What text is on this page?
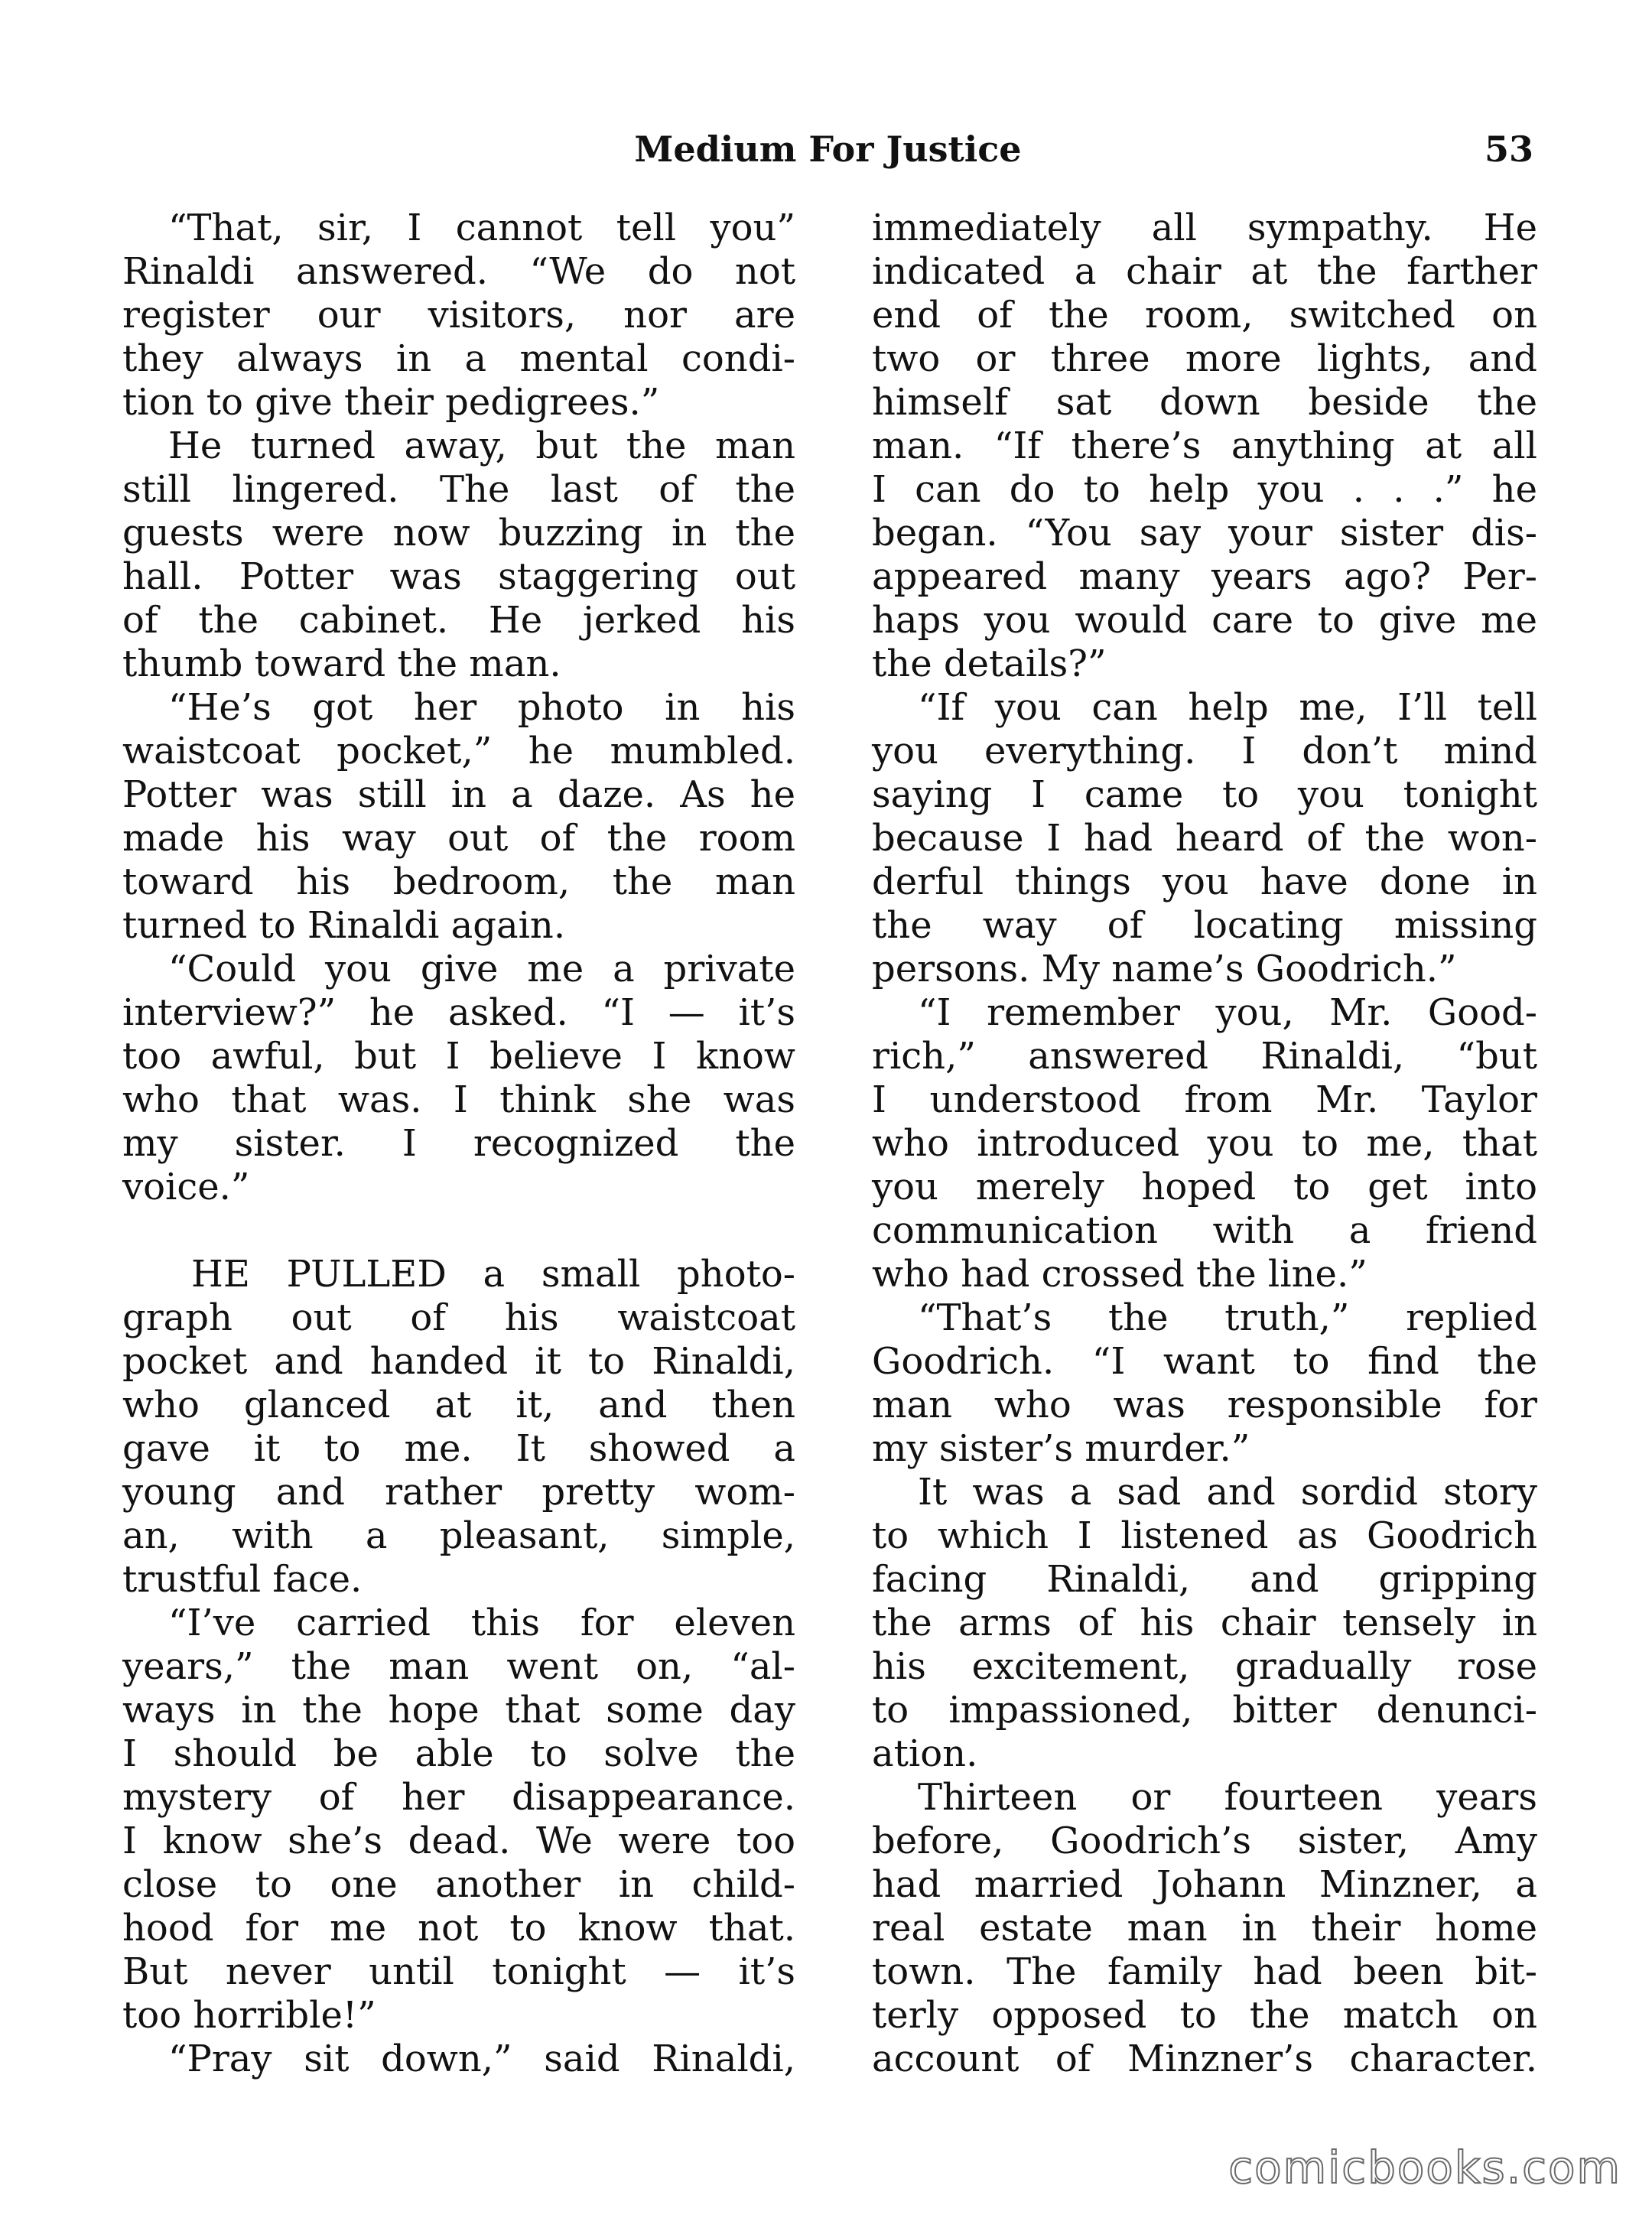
Medium For Justice	53
“That, sir, I cannot tell you”
Rinaldi answered. “We do not
register our visitors, nor are
they always in a mental condi-
tion to give their pedigrees.”
He turned away, but the man
still lingered. The last of the
guests were now buzzing in the
hall. Potter was staggering out
of the cabinet. He jerked his
thumb toward the man.
“He’s got her photo in his
waistcoat pocket,” he mumbled.
Potter was still in a daze. As he
made his way out of the room
toward his bedroom, the man
turned to Rinaldi again.
“Could you give me a private
interview?” he asked. “I — it’s
too awful, but I believe I know
who that was. I think she was
my sister. I recognized the
voice.”
HE PULLED a small photo-
graph out of his waistcoat
pocket and handed it to Rinaldi,
who glanced at it, and then
gave it to me. It showed a
young and rather pretty wom-
an, with a pleasant, simple,
trustful face.
“I’ve carried this for eleven
years,” the man went on, “al-
ways in the hope that some day
I should be able to solve the
mystery of her disappearance.
I know she’s dead. We were too
close to one another in child-
hood for me not to know that.
But never until tonight — it’s
too horrible!”
“Pray sit down,” said Rinaldi,
immediately all sympathy. He
indicated a chair at the farther
end of the room, switched on
two or three more lights, and
himself sat down beside the
man. “If there’s anything at all
I can do to help you . . .” he
began. “You say your sister dis-
appeared many years ago? Per-
haps you would care to give me
the details?”
“If you can help me, I’ll tell
you everything. I don’t mind
saying I came to you tonight
because I had heard of the won-
derful things you have done in
the way of locating missing
persons. My name’s Goodrich.”
“I remember you, Mr. Good-
rich,” answered Rinaldi, “but
I understood from Mr. Taylor
who introduced you to me, that
you merely hoped to get into
communication with a friend
who had crossed the line.”
“That’s the truth,” replied
Goodrich. “I want to find the
man who was responsible for
my sister’s murder.”
It was a sad and sordid story
to which I listened as Goodrich
facing Rinaldi, and gripping
the arms of his chair tensely in
his excitement, gradually rose
to impassioned, bitter denunci-
ation.
Thirteen or fourteen years
before, Goodrich’s sister, Amy
had married Johann Minzner, a
real estate man in their home
town. The family had been bit-
terly opposed to the match on
account of Minzner’s character.
comicbooks.com
